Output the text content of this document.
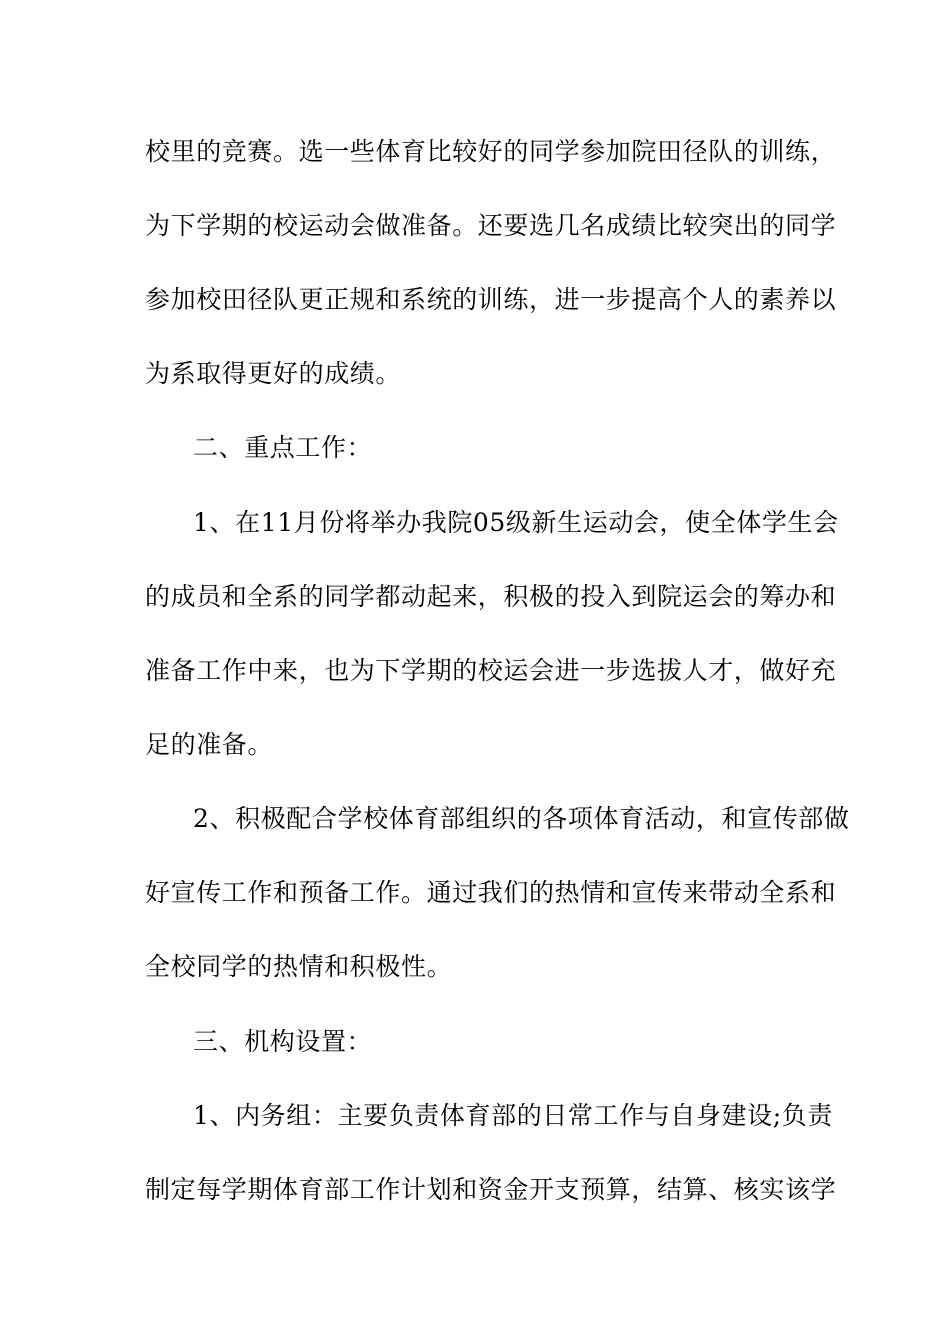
校里的竞赛。选一些体育比较好的同学参加院田径队的训练，
为下学期的校运动会做准备。还要选几名成绩比较突出的同学
参加校田径队更正规和系统的训练，进一步提高个人的素养以
为系取得更好的成绩。
二、重点工作：
1、在11月份将举办我院05级新生运动会，使全体学生会
的成员和全系的同学都动起来，积极的投入到院运会的筹办和
准备工作中来，也为下学期的校运会进一步选拔人才，做好充
足的准备。
2、积极配合学校体育部组织的各项体育活动，和宣传部做
好宣传工作和预备工作。通过我们的热情和宣传来带动全系和
全校同学的热情和积极性。
三、机构设置：
1、内务组：主要负责体育部的日常工作与自身建设;负责
制定每学期体育部工作计划和资金开支预算，结算、核实该学
